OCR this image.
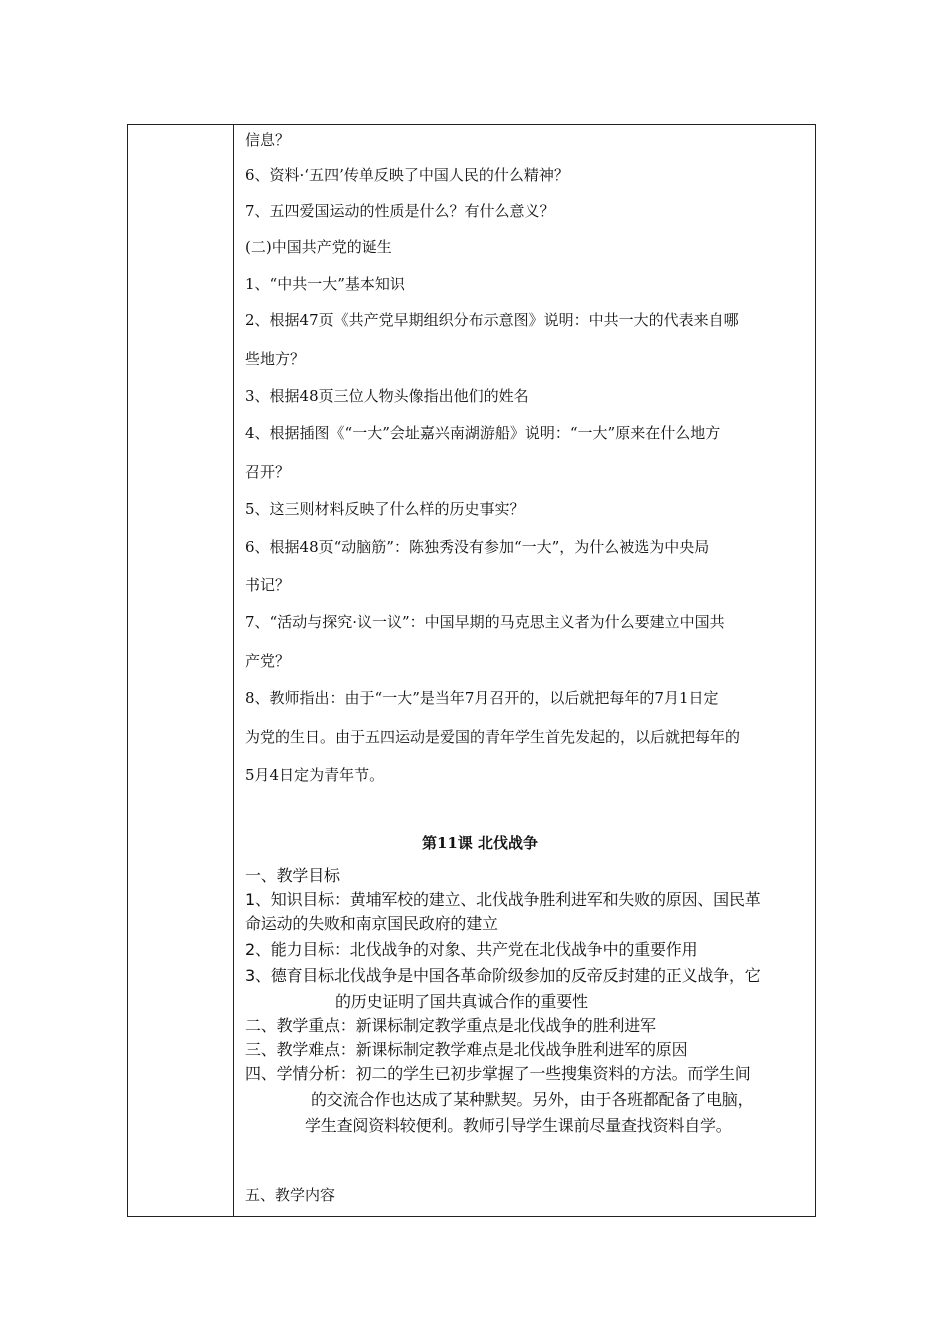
信息？
6、资料·‘五四’传单反映了中国人民的什么精神？
7、五四爱国运动的性质是什么？有什么意义？
(二)中国共产党的诞生
1、“中共一大”基本知识
2、根据47页《共产党早期组织分布示意图》说明：中共一大的代表来自哪
些地方？
3、根据48页三位人物头像指出他们的姓名
4、根据插图《“一大”会址嘉兴南湖游船》说明：“一大”原来在什么地方
召开？
5、这三则材料反映了什么样的历史事实？
6、根据48页“动脑筋”：陈独秀没有参加“一大”，为什么被选为中央局
书记？
7、“活动与探究·议一议”：中国早期的马克思主义者为什么要建立中国共
产党？
8、教师指出：由于“一大”是当年7月召开的，以后就把每年的7月1日定
为党的生日。由于五四运动是爱国的青年学生首先发起的，以后就把每年的
5月4日定为青年节。
第11课 北伐战争
一、教学目标
1、知识目标：黄埔军校的建立、北伐战争胜利进军和失败的原因、国民革
命运动的失败和南京国民政府的建立
2、能力目标：北伐战争的对象、共产党在北伐战争中的重要作用
3、德育目标北伐战争是中国各革命阶级参加的反帝反封建的正义战争，它
的历史证明了国共真诚合作的重要性
二、教学重点：新课标制定教学重点是北伐战争的胜利进军
三、教学难点：新课标制定教学难点是北伐战争胜利进军的原因
四、学情分析：初二的学生已初步掌握了一些搜集资料的方法。而学生间
的交流合作也达成了某种默契。另外，由于各班都配备了电脑，
学生查阅资料较便利。教师引导学生课前尽量查找资料自学。
五、教学内容
